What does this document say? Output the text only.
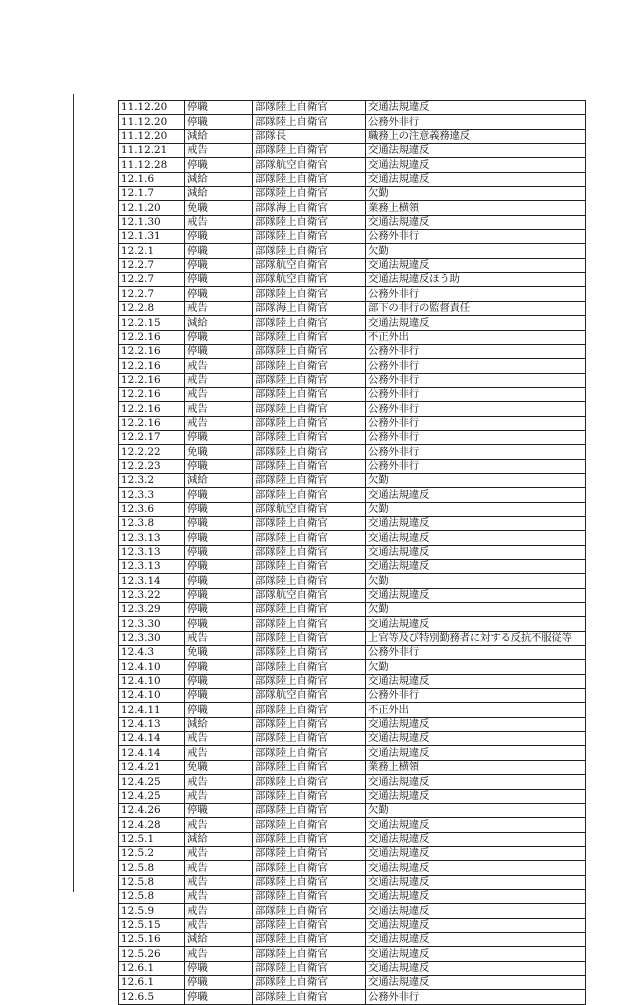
11.12.20	停職	部隊陸上自衛官	交通法規違反
11.12.20	停職	部隊陸上自衛官	公務外非行
11.12.20	減給	部隊長	職務上の注意義務違反
11.12.21	戒告	部隊陸上自衛官	交通法規違反
11.12.28	停職	部隊航空自衛官	交通法規違反
12.1.6	減給	部隊陸上自衛官	交通法規違反
12.1.7	減給	部隊陸上自衛官	欠勤
12.1.20	免職	部隊海上自衛官	業務上横領
12.1.30	戒告	部隊陸上自衛官	交通法規違反
12.1.31	停職	部隊陸上自衛官	公務外非行
12.2.1	停職	部隊陸上自衛官	欠勤
12.2.7	停職	部隊航空自衛官	交通法規違反
12.2.7	停職	部隊航空自衛官	交通法規違反ほう助
12.2.7	停職	部隊陸上自衛官	公務外非行
12.2.8	戒告	部隊海上自衛官	部下の非行の監督責任
12.2.15	減給	部隊陸上自衛官	交通法規違反
12.2.16	停職	部隊陸上自衛官	不正外出
12.2.16	停職	部隊陸上自衛官	公務外非行
12.2.16	戒告	部隊陸上自衛官	公務外非行
12.2.16	戒告	部隊陸上自衛官	公務外非行
12.2.16	戒告	部隊陸上自衛官	公務外非行
12.2.16	戒告	部隊陸上自衛官	公務外非行
12.2.16	戒告	部隊陸上自衛官	公務外非行
12.2.17	停職	部隊陸上自衛官	公務外非行
12.2.22	免職	部隊陸上自衛官	公務外非行
12.2.23	停職	部隊陸上自衛官	公務外非行
12.3.2	減給	部隊陸上自衛官	欠勤
12.3.3	停職	部隊陸上自衛官	交通法規違反
12.3.6	停職	部隊航空自衛官	欠勤
12.3.8	停職	部隊陸上自衛官	交通法規違反
12.3.13	停職	部隊陸上自衛官	交通法規違反
12.3.13	停職	部隊陸上自衛官	交通法規違反
12.3.13	停職	部隊陸上自衛官	交通法規違反
12.3.14	停職	部隊陸上自衛官	欠勤
12.3.22	停職	部隊航空自衛官	交通法規違反
12.3.29	停職	部隊陸上自衛官	欠勤
12.3.30	停職	部隊陸上自衛官	交通法規違反
12.3.30	戒告	部隊陸上自衛官	上官等及び特別勤務者に対する反抗不服従等
12.4.3	免職	部隊陸上自衛官	公務外非行
12.4.10	停職	部隊陸上自衛官	欠勤
12.4.10	停職	部隊陸上自衛官	交通法規違反
12.4.10	停職	部隊航空自衛官	公務外非行
12.4.11	停職	部隊陸上自衛官	不正外出
12.4.13	減給	部隊陸上自衛官	交通法規違反
12.4.14	戒告	部隊陸上自衛官	交通法規違反
12.4.14	戒告	部隊陸上自衛官	交通法規違反
12.4.21	免職	部隊陸上自衛官	業務上横領
12.4.25	戒告	部隊陸上自衛官	交通法規違反
12.4.25	戒告	部隊陸上自衛官	交通法規違反
12.4.26	停職	部隊陸上自衛官	欠勤
12.4.28	戒告	部隊陸上自衛官	交通法規違反
12.5.1	減給	部隊陸上自衛官	交通法規違反
12.5.2	戒告	部隊陸上自衛官	交通法規違反
12.5.8	戒告	部隊陸上自衛官	交通法規違反
12.5.8	戒告	部隊陸上自衛官	交通法規違反
12.5.8	戒告	部隊陸上自衛官	交通法規違反
12.5.9	戒告	部隊陸上自衛官	交通法規違反
12.5.15	戒告	部隊陸上自衛官	交通法規違反
12.5.16	減給	部隊陸上自衛官	交通法規違反
12.5.26	戒告	部隊陸上自衛官	交通法規違反
12.6.1	停職	部隊陸上自衛官	交通法規違反
12.6.1	停職	部隊陸上自衛官	交通法規違反
12.6.5	停職	部隊陸上自衛官	公務外非行
